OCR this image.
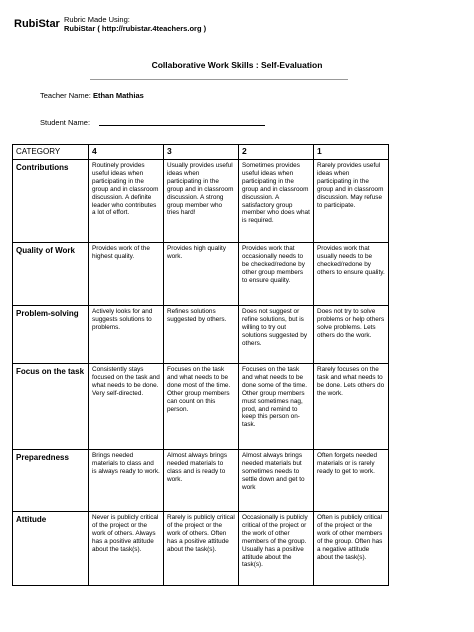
RubiStar Rubric Made Using:
RubiStar ( http://rubistar.4teachers.org )
Collaborative Work Skills : Self-Evaluation
Teacher Name: Ethan Mathias
Student Name:
CATEGORY	4	3	2	1
Contributions	Routinely provides useful ideas when participating in the group and in classroom discussion. A definite leader who contributes a lot of effort.	Usually provides useful ideas when participating in the group and in classroom discussion. A strong group member who tries hard!	Sometimes provides useful ideas when participating in the group and in classroom discussion. A satisfactory group member who does what is required.	Rarely provides useful ideas when participating in the group and in classroom discussion. May refuse to participate.
Quality of Work	Provides work of the highest quality.	Provides high quality work.	Provides work that occasionally needs to be checked/redone by other group members to ensure quality.	Provides work that usually needs to be checked/redone by others to ensure quality.
Problem-solving	Actively looks for and suggests solutions to problems.	Refines solutions suggested by others.	Does not suggest or refine solutions, but is willing to try out solutions suggested by others.	Does not try to solve problems or help others solve problems. Lets others do the work.
Focus on the task	Consistently stays focused on the task and what needs to be done. Very self-directed.	Focuses on the task and what needs to be done most of the time. Other group members can count on this person.	Focuses on the task and what needs to be done some of the time. Other group members must sometimes nag, prod, and remind to keep this person on-task.	Rarely focuses on the task and what needs to be done. Lets others do the work.
Preparedness	Brings needed materials to class and is always ready to work.	Almost always brings needed materials to class and is ready to work.	Almost always brings needed materials but sometimes needs to settle down and get to work	Often forgets needed materials or is rarely ready to get to work.
Attitude	Never is publicly critical of the project or the work of others. Always has a positive attitude about the task(s).	Rarely is publicly critical of the project or the work of others. Often has a positive attitude about the task(s).	Occasionally is publicly critical of the project or the work of other members of the group. Usually has a positive attitude about the task(s).	Often is publicly critical of the project or the work of other members of the group. Often has a negative attitude about the task(s).
